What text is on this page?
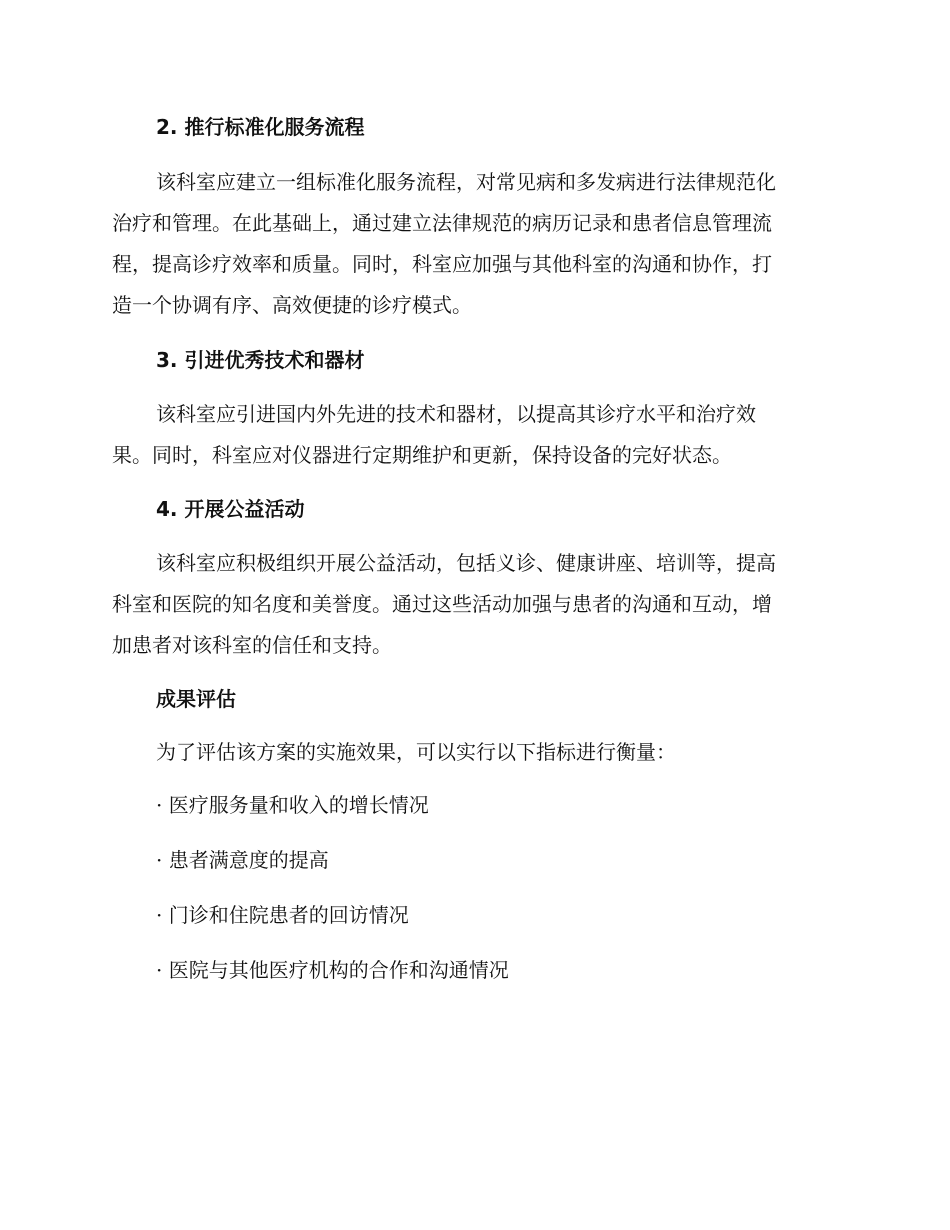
2. 推行标准化服务流程

该科室应建立一组标准化服务流程，对常见病和多发病进行法律规范化
治疗和管理。在此基础上，通过建立法律规范的病历记录和患者信息管理流
程，提高诊疗效率和质量。同时，科室应加强与其他科室的沟通和协作，打
造一个协调有序、高效便捷的诊疗模式。

3. 引进优秀技术和器材

该科室应引进国内外先进的技术和器材，以提高其诊疗水平和治疗效
果。同时，科室应对仪器进行定期维护和更新，保持设备的完好状态。

4. 开展公益活动

该科室应积极组织开展公益活动，包括义诊、健康讲座、培训等，提高
科室和医院的知名度和美誉度。通过这些活动加强与患者的沟通和互动，增
加患者对该科室的信任和支持。

成果评估

为了评估该方案的实施效果，可以实行以下指标进行衡量：

· 医疗服务量和收入的增长情况
· 患者满意度的提高
· 门诊和住院患者的回访情况
· 医院与其他医疗机构的合作和沟通情况
